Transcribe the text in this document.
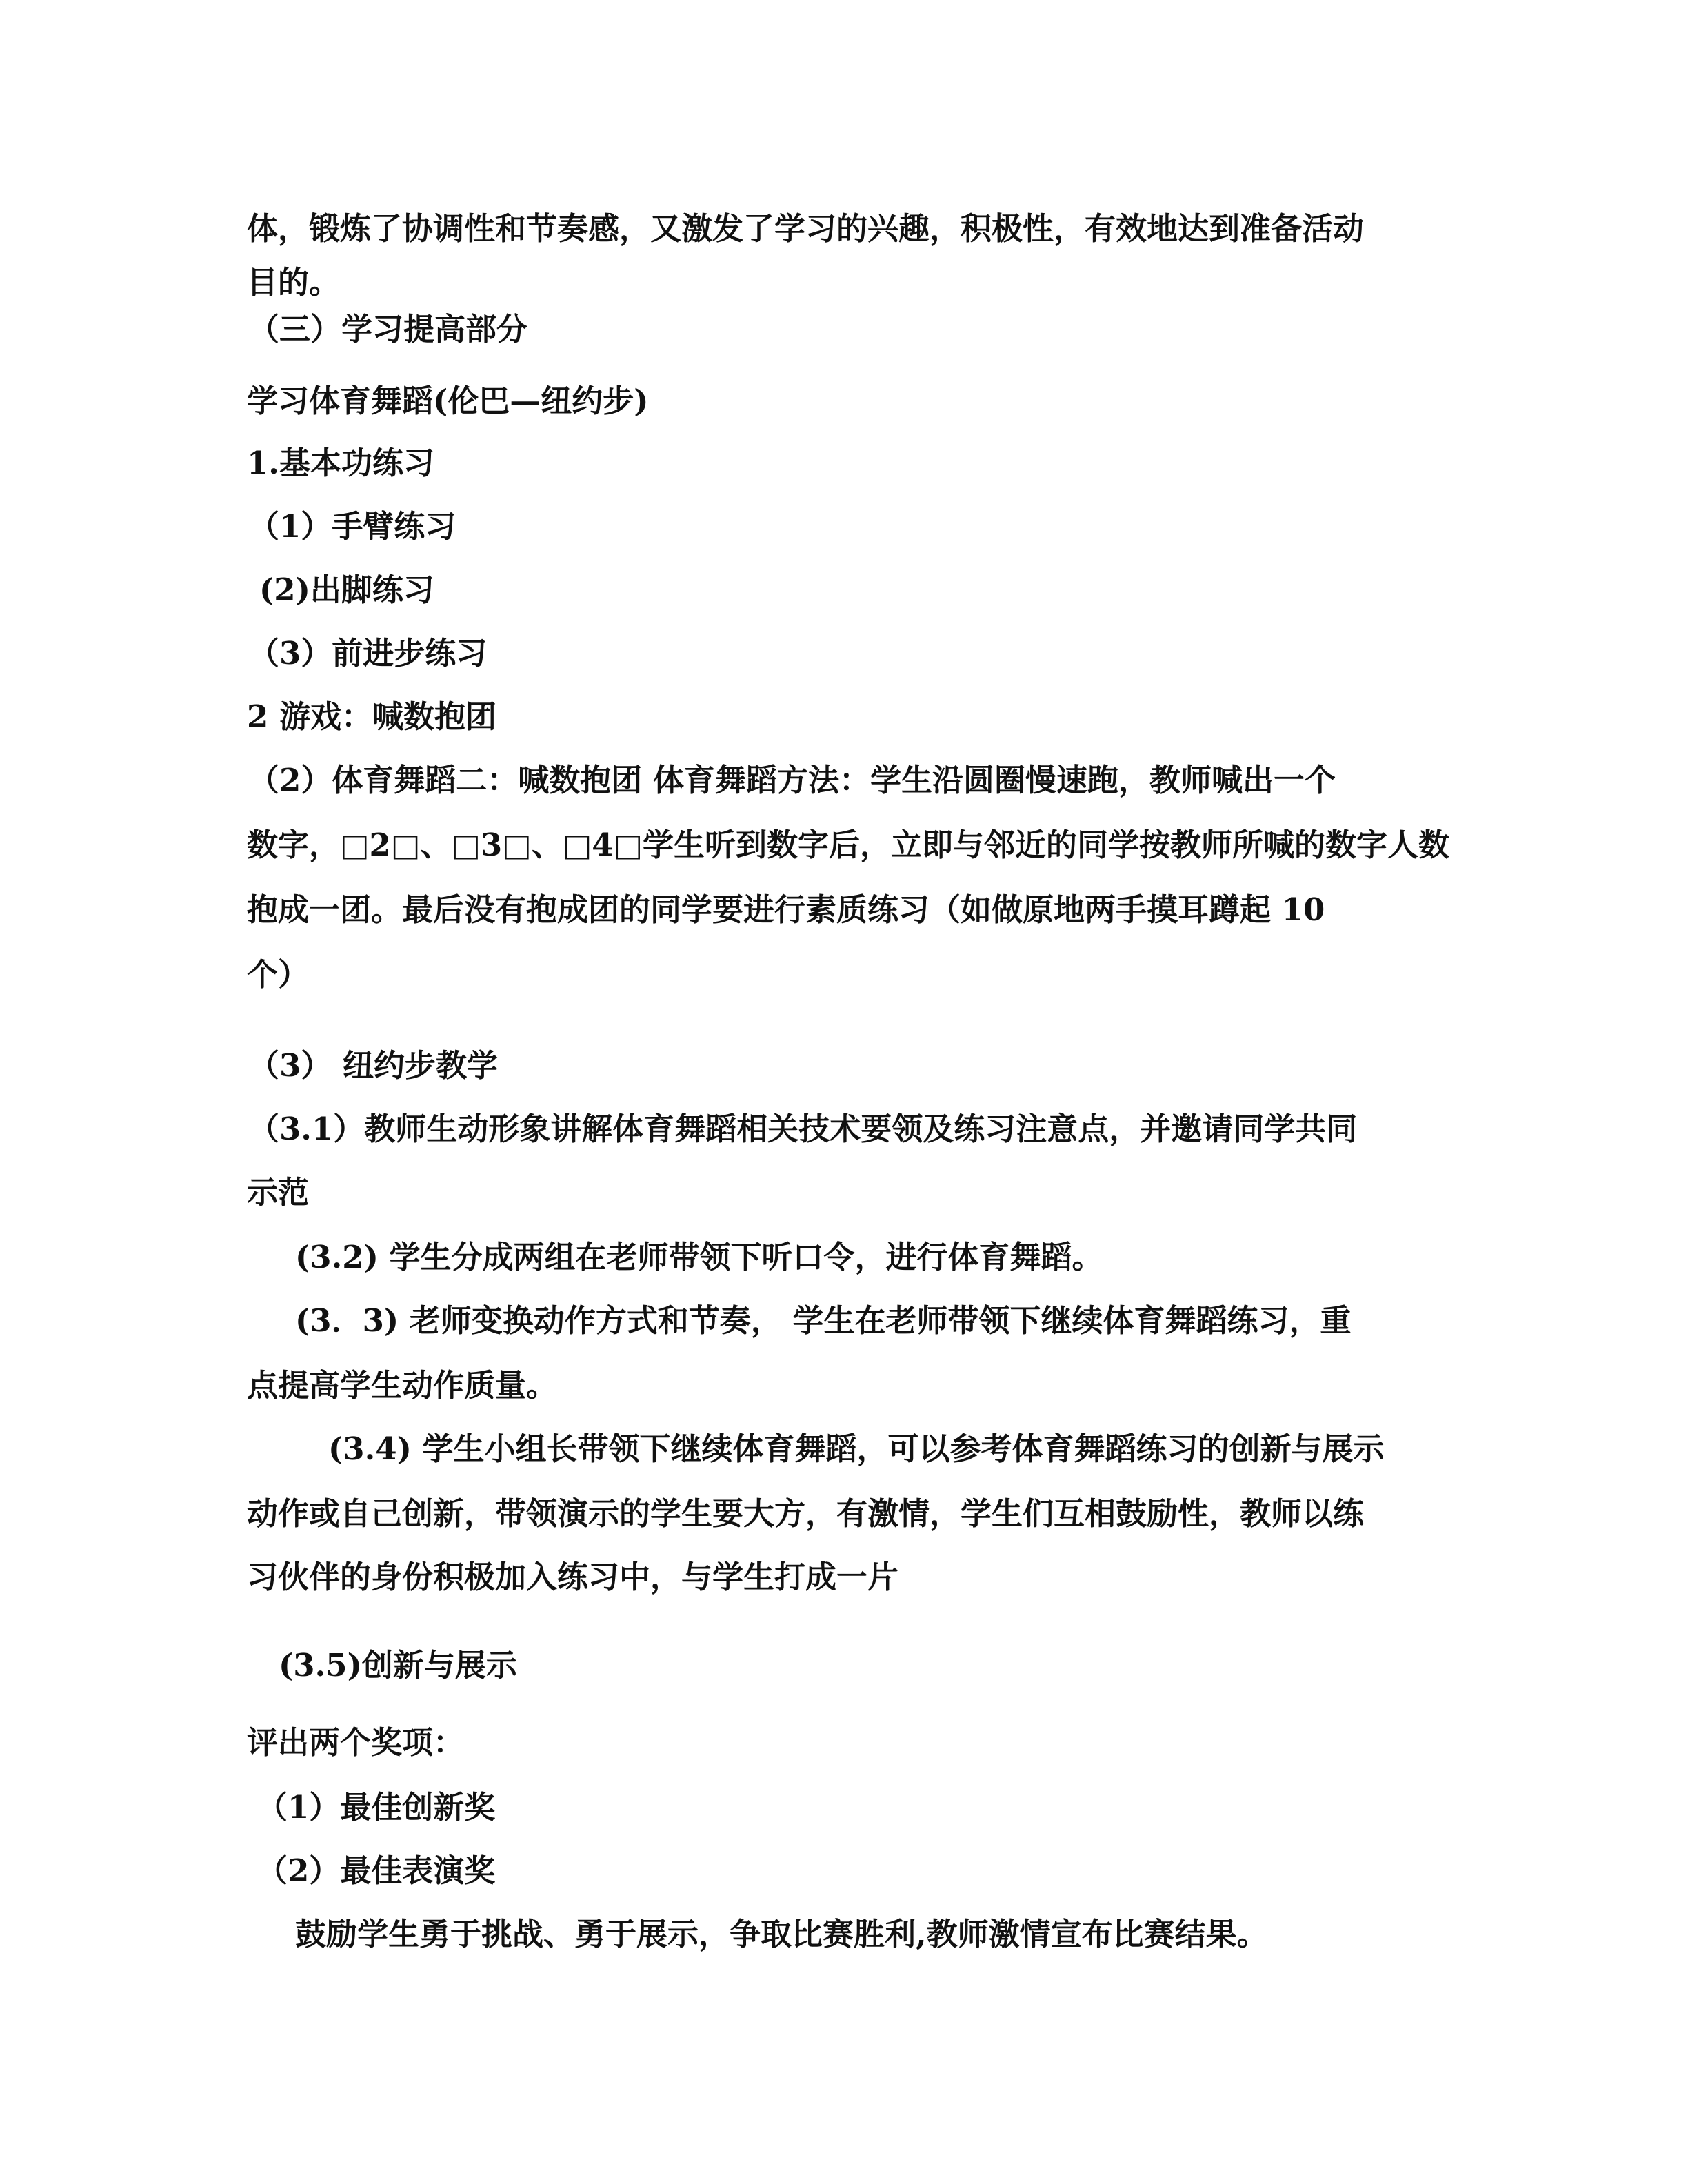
体，锻炼了协调性和节奏感，又激发了学习的兴趣，积极性，有效地达到准备活动
目的。
（三）学习提高部分
学习体育舞蹈(伦巴—纽约步)
1.基本功练习
（1）手臂练习
(2)出脚练习
（3）前进步练习
2 游戏：喊数抱团
（2）体育舞蹈二：喊数抱团 体育舞蹈方法：学生沿圆圈慢速跑，教师喊出一个
数字，□2□、□3□、□4□学生听到数字后，立即与邻近的同学按教师所喊的数字人数
抱成一团。最后没有抱成团的同学要进行素质练习（如做原地两手摸耳蹲起 10
个）
（3） 纽约步教学
（3.1）教师生动形象讲解体育舞蹈相关技术要领及练习注意点，并邀请同学共同
示范
(3.2) 学生分成两组在老师带领下听口令，进行体育舞蹈。
(3．3) 老师变换动作方式和节奏， 学生在老师带领下继续体育舞蹈练习，重
点提高学生动作质量。
(3.4) 学生小组长带领下继续体育舞蹈，可以参考体育舞蹈练习的创新与展示
动作或自己创新，带领演示的学生要大方，有激情，学生们互相鼓励性，教师以练
习伙伴的身份积极加入练习中，与学生打成一片
(3.5)创新与展示
评出两个奖项：
（1）最佳创新奖
（2）最佳表演奖
鼓励学生勇于挑战、勇于展示，争取比赛胜利,教师激情宣布比赛结果。
